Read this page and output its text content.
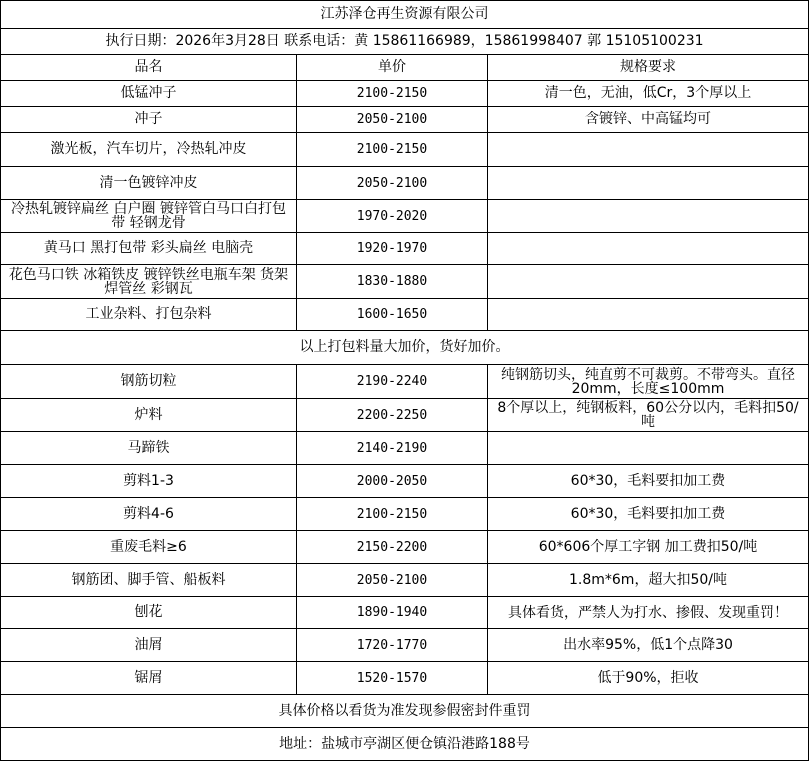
江苏泽仓再生资源有限公司		
执行日期：2026年3月28日 联系电话：黄 15861166989，15861998407 郭 15105100231		
品名	单价	规格要求
低锰冲子	2100-2150	清一色，无油，低Cr，3个厚以上
冲子	2050-2100	含镀锌、中高锰均可
激光板，汽车切片，冷热轧冲皮	2100-2150	
清一色镀锌冲皮	2050-2100	
冷热轧镀锌扁丝 白户圈 镀锌管白马口白打包带 轻钢龙骨	1970-2020	
黄马口 黑打包带 彩头扁丝 电脑壳	1920-1970	
花色马口铁 冰箱铁皮 镀锌铁丝电瓶车架 货架 焊管丝 彩钢瓦	1830-1880	
工业杂料、打包杂料	1600-1650	
以上打包料量大加价，货好加价。		
钢筋切粒	2190-2240	纯钢筋切头，纯直剪不可裁剪。不带弯头。直径20mm，长度≤100mm
炉料	2200-2250	8个厚以上，纯钢板料，60公分以内，毛料扣50/吨
马蹄铁	2140-2190	
剪料1-3	2000-2050	60*30，毛料要扣加工费
剪料4-6	2100-2150	60*30，毛料要扣加工费
重废毛料≥6	2150-2200	60*606个厚工字钢 加工费扣50/吨
钢筋团、脚手管、船板料	2050-2100	1.8m*6m，超大扣50/吨
刨花	1890-1940	具体看货，严禁人为打水、掺假、发现重罚！
油屑	1720-1770	出水率95%，低1个点降30
锯屑	1520-1570	低于90%，拒收
具体价格以看货为准发现参假密封件重罚		
地址：盐城市亭湖区便仓镇沿港路188号		
